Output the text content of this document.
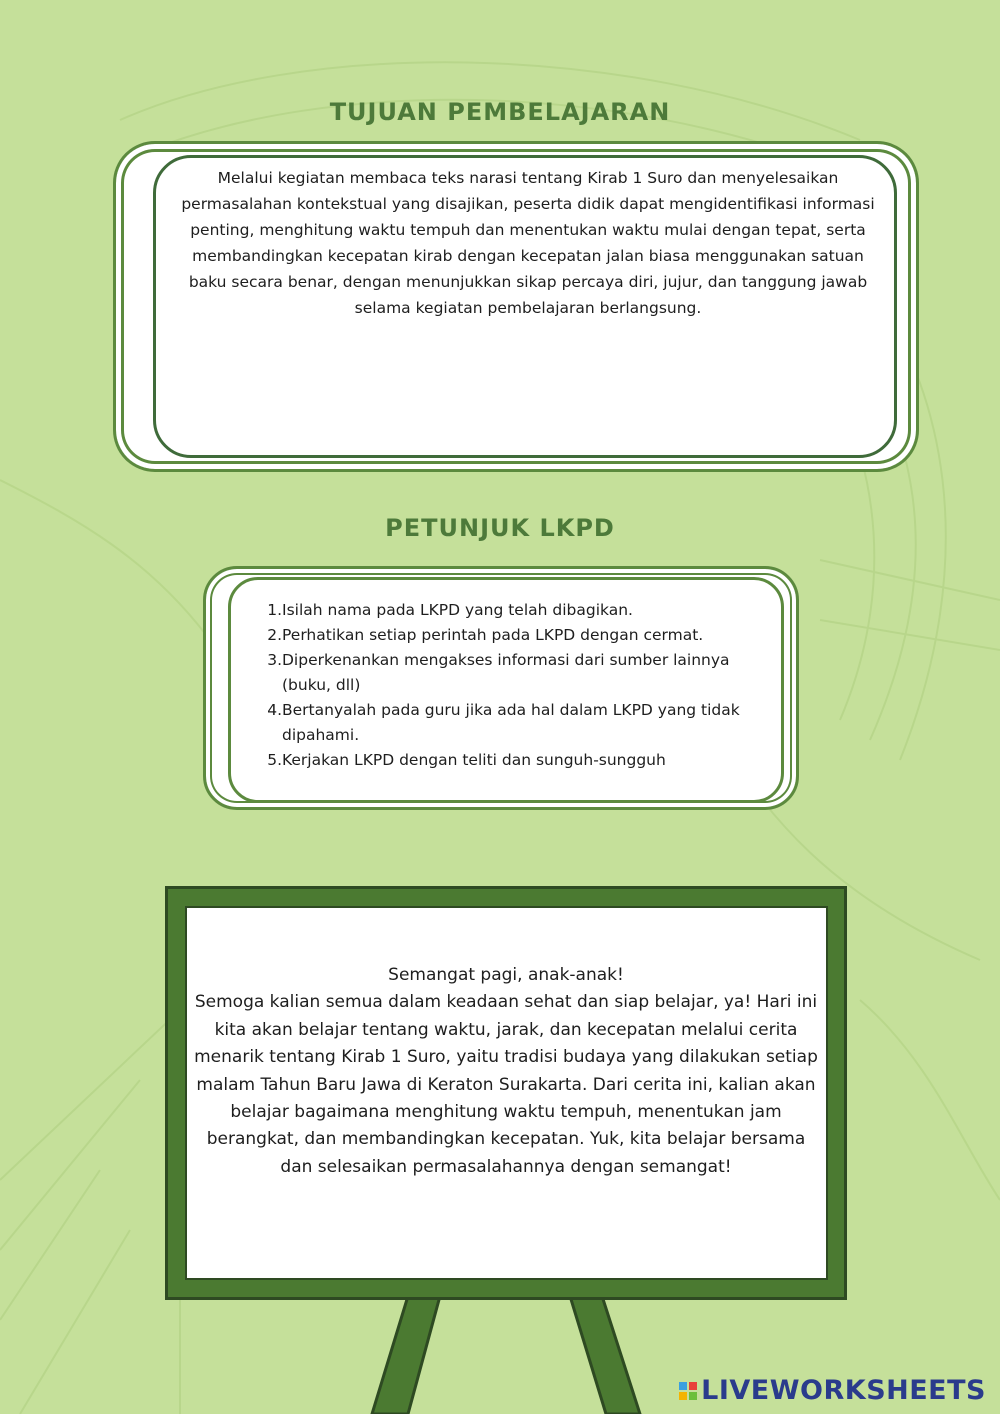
TUJUAN PEMBELAJARAN
Melalui kegiatan membaca teks narasi tentang Kirab 1 Suro dan menyelesaikan permasalahan kontekstual yang disajikan, peserta didik dapat mengidentifikasi informasi penting, menghitung waktu tempuh dan menentukan waktu mulai dengan tepat, serta membandingkan kecepatan kirab dengan kecepatan jalan biasa menggunakan satuan baku secara benar, dengan menunjukkan sikap percaya diri, jujur, dan tanggung jawab selama kegiatan pembelajaran berlangsung.
PETUNJUK LKPD
1. Isilah nama pada LKPD yang telah dibagikan.
2. Perhatikan setiap perintah pada LKPD dengan cermat.
3. Diperkenankan mengakses informasi dari sumber lainnya (buku, dll)
4. Bertanyalah pada guru jika ada hal dalam LKPD yang tidak dipahami.
5. Kerjakan LKPD dengan teliti dan sunguh-sungguh
Semangat pagi, anak-anak!
Semoga kalian semua dalam keadaan sehat dan siap belajar, ya! Hari ini kita akan belajar tentang waktu, jarak, dan kecepatan melalui cerita menarik tentang Kirab 1 Suro, yaitu tradisi budaya yang dilakukan setiap malam Tahun Baru Jawa di Keraton Surakarta. Dari cerita ini, kalian akan belajar bagaimana menghitung waktu tempuh, menentukan jam berangkat, dan membandingkan kecepatan. Yuk, kita belajar bersama dan selesaikan permasalahannya dengan semangat!
LIVEWORKSHEETS
